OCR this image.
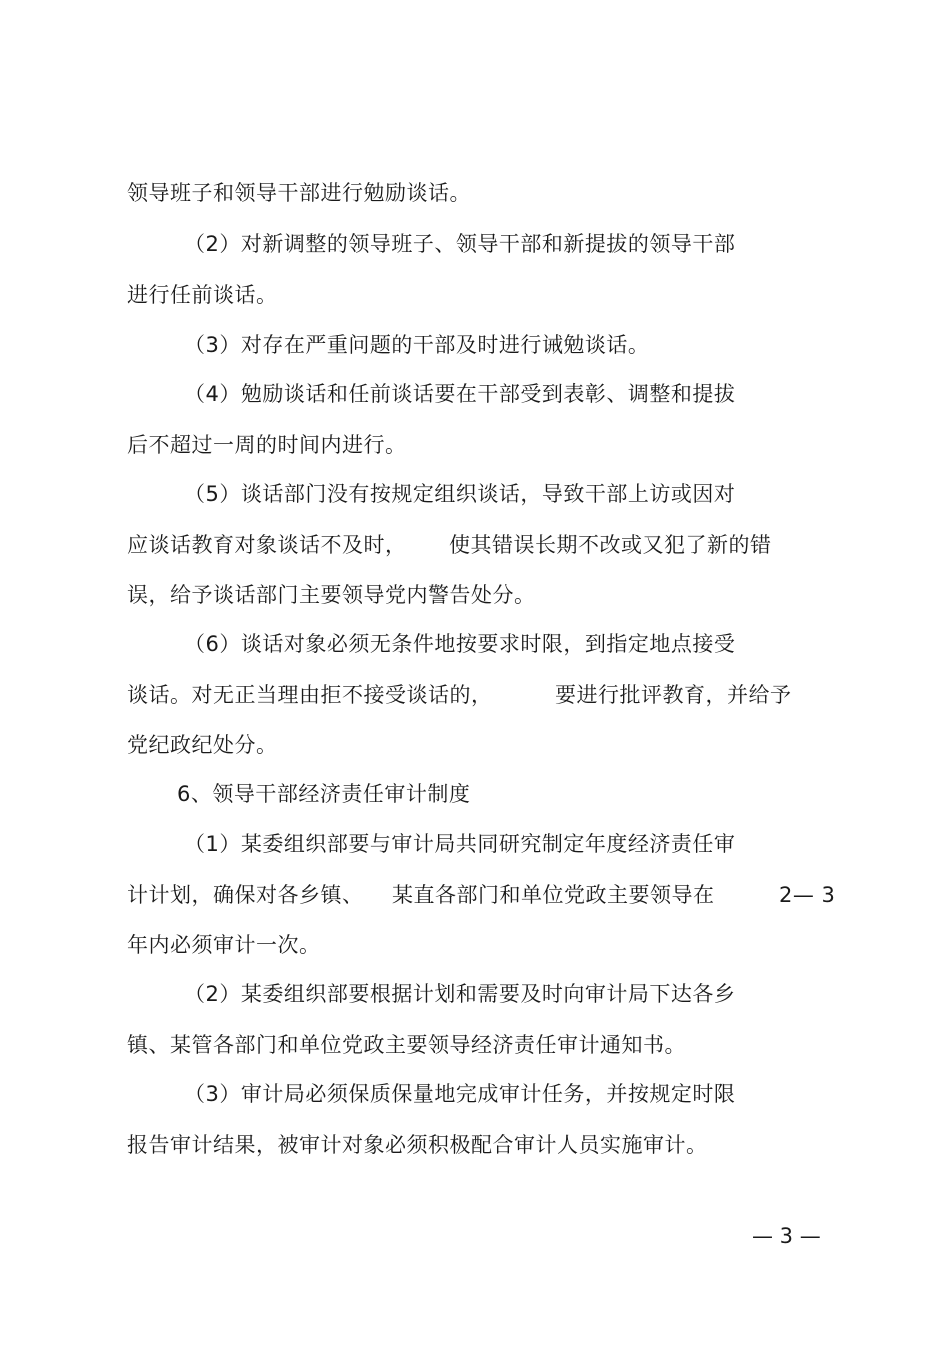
领导班子和领导干部进行勉励谈话。
（2）对新调整的领导班子、领导干部和新提拔的领导干部
进行任前谈话。
（3）对存在严重问题的干部及时进行诫勉谈话。
（4）勉励谈话和任前谈话要在干部受到表彰、调整和提拔
后不超过一周的时间内进行。
（5）谈话部门没有按规定组织谈话，导致干部上访或因对
应谈话教育对象谈话不及时， 使其错误长期不改或又犯了新的错
误，给予谈话部门主要领导党内警告处分。
（6）谈话对象必须无条件地按要求时限，到指定地点接受
谈话。对无正当理由拒不接受谈话的，	要进行批评教育，并给予
党纪政纪处分。
6、领导干部经济责任审计制度
（1）某委组织部要与审计局共同研究制定年度经济责任审
计计划，确保对各乡镇、 某直各部门和单位党政主要领导在	2— 3
年内必须审计一次。
（2）某委组织部要根据计划和需要及时向审计局下达各乡
镇、某管各部门和单位党政主要领导经济责任审计通知书。
（3）审计局必须保质保量地完成审计任务，并按规定时限
报告审计结果，被审计对象必须积极配合审计人员实施审计。
— 3 —
